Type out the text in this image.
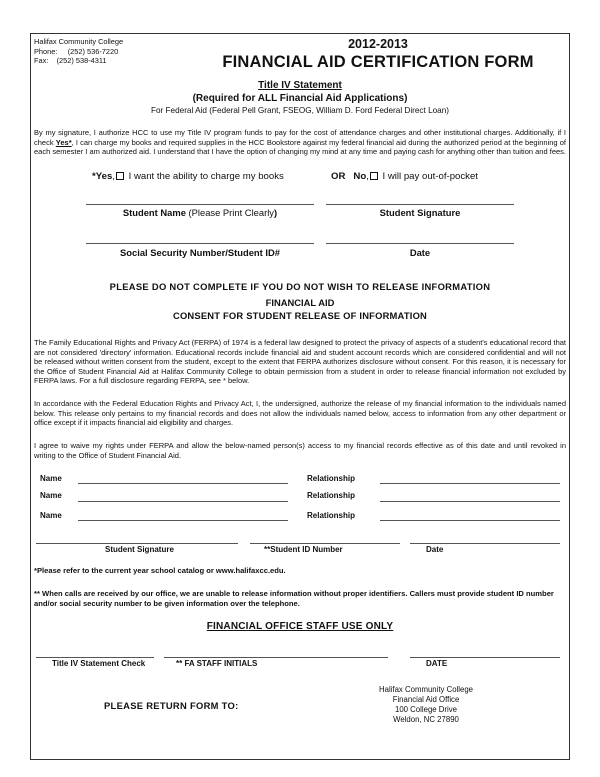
Halifax Community College
Phone:     (252) 536-7220
Fax:    (252) 538-4311
2012-2013
FINANCIAL AID CERTIFICATION FORM
Title IV Statement
(Required for ALL Financial Aid Applications)
For Federal Aid (Federal Pell Grant, FSEOG, William D. Ford Federal Direct Loan)
By my signature, I authorize HCC to use my Title IV program funds to pay for the cost of attendance charges and other institutional charges. Additionally, if I check Yes*, I can charge my books and required supplies in the HCC Bookstore against my federal financial aid during the authorized period at the beginning of each semester I am authorized aid. I understand that I have the option of changing my mind at any time and paying cash for anything other than tuition and fees.
*Yes, I want the ability to charge my books	OR No, I will pay out-of-pocket
Student Name (Please Print Clearly)	Student Signature
Social Security Number/Student ID#	Date
PLEASE DO NOT COMPLETE IF YOU DO NOT WISH TO RELEASE INFORMATION
FINANCIAL AID
CONSENT FOR STUDENT RELEASE OF INFORMATION
The Family Educational Rights and Privacy Act (FERPA) of 1974 is a federal law designed to protect the privacy of aspects of a student's educational record that are not considered 'directory' information. Educational records include financial aid and student account records which are considered confidential and will not be released without written consent from the student, except to the extent that FERPA authorizes disclosure without consent. For this reason, it is necessary for the Office of Student Financial Aid at Halifax Community College to obtain permission from a student in order to release financial information not excluded by FERPA laws. For a full disclosure regarding FERPA, see * below.
In accordance with the Federal Education Rights and Privacy Act, I, the undersigned, authorize the release of my financial information to the individuals named below. This release only pertains to my financial records and does not allow the individuals named below, access to information from any other department or office except if it impacts financial aid eligibility and charges.
I agree to waive my rights under FERPA and allow the below-named person(s) access to my financial records effective as of this date and until revoked in writing to the Office of Student Financial Aid.
Name	Relationship
Name	Relationship
Name	Relationship
Student Signature	**Student ID Number	Date
*Please refer to the current year school catalog or www.halifaxcc.edu.
** When calls are received by our office, we are unable to release information without proper identifiers. Callers must provide student ID number and/or social security number to be given information over the telephone.
FINANCIAL OFFICE STAFF USE ONLY
Title IV Statement Check	** FA STAFF INITIALS	DATE
Halifax Community College
Financial Aid Office
100 College Drive
Weldon, NC 27890
PLEASE RETURN FORM TO:
